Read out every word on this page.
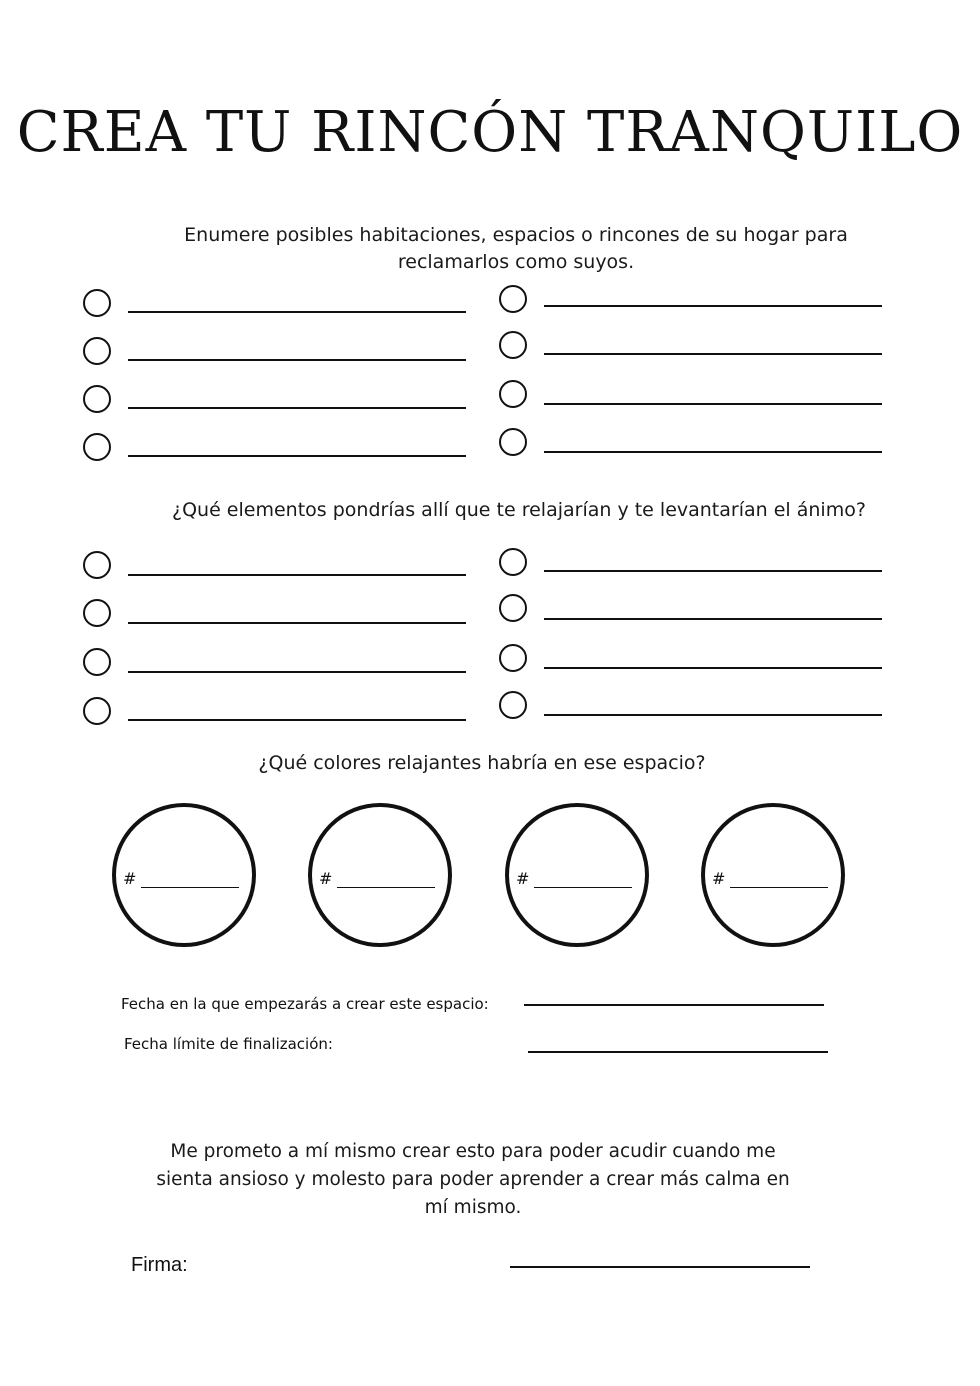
CREA TU RINCÓN TRANQUILO

Enumere posibles habitaciones, espacios o rincones de su hogar para

reclamarlos como suyos.

¿Qué elementos pondrías allí que te relajarían y te levantarían el ánimo?

¿Qué colores relajantes habría en ese espacio?

#	#	#	#

Fecha en la que empezarás a crear este espacio:

Fecha límite de finalización:

Me prometo a mí mismo crear esto para poder acudir cuando me
sienta ansioso y molesto para poder aprender a crear más calma en
mí mismo.
Firma:
